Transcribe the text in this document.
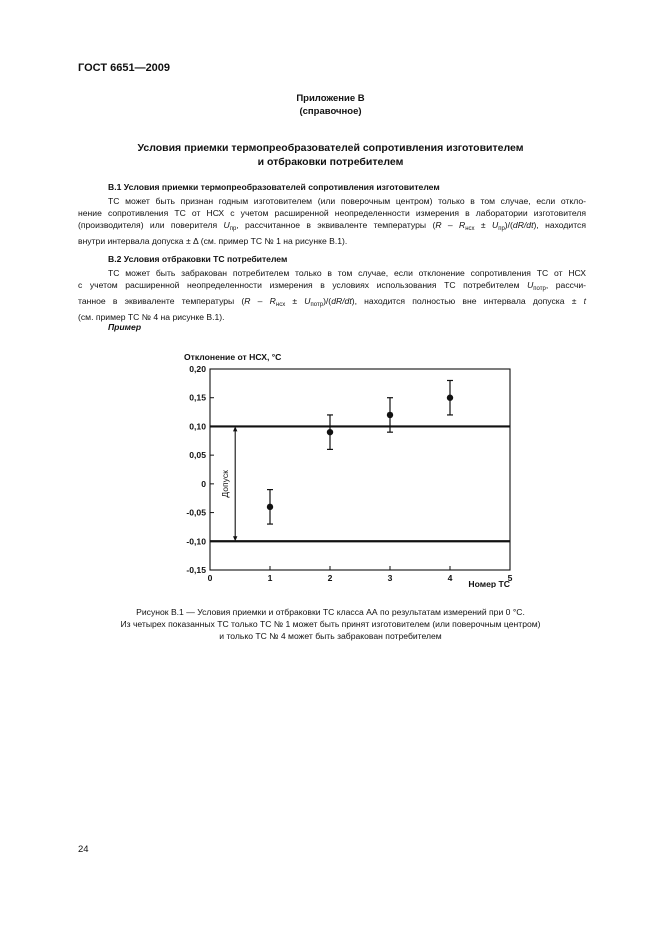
ГОСТ 6651—2009
Приложение В
(справочное)
Условия приемки термопреобразователей сопротивления изготовителем
и отбраковки потребителем
В.1 Условия приемки термопреобразователей сопротивления изготовителем
ТС может быть признан годным изготовителем (или поверочным центром) только в том случае, если откло-
нение сопротивления ТС от НСХ с учетом расширенной неопределенности измерения в лаборатории изготовителя
(производителя) или поверителя $U_{пр}$, рассчитанное в эквиваленте температуры $(R - R_{нсх} \pm U_{пр})/(dR/dt)$, находится
внутри интервала допуска ± Δ (см. пример ТС № 1 на рисунке В.1).
В.2 Условия отбраковки ТС потребителем
ТС может быть забракован потребителем только в том случае, если отклонение сопротивления ТС от НСХ
с учетом расширенной неопределенности измерения в условиях использования ТС потребителем $U_{потр}$, рассчи-
танное в эквиваленте температуры $(R - R_{нсх} \pm U_{потр})/(dR/dt)$, находится полностью вне интервала допуска ± t
(см. пример ТС № 4 на рисунке В.1).
Пример
Отклонение от НСХ, °С
0,20
0,15
0,10
0,05
0
-0,05
-0,10
-0,15
0	1	2	3	4	5
Допуск
Номер ТС
Рисунок В.1 — Условия приемки и отбраковки ТС класса АА по результатам измерений при 0 °С.
Из четырех показанных ТС только ТС № 1 может быть принят изготовителем (или поверочным центром)
и только ТС № 4 может быть забракован потребителем
24
